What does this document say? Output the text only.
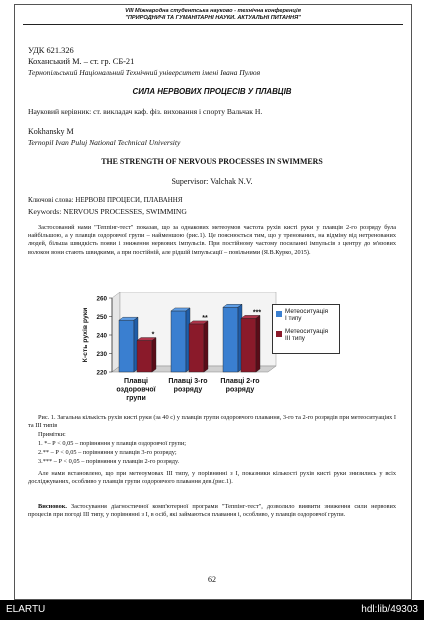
VIII Міжнародна студентська науково - технічна конференція
"ПРИРОДНИЧІ ТА ГУМАНІТАРНІ НАУКИ. АКТУАЛЬНІ ПИТАННЯ"
УДК 621.326
Коханський М. – ст. гр. СБ-21
Тернопільський Національний Технічний університет імені Івана Пулюя
СИЛА НЕРВОВИХ ПРОЦЕСІВ У ПЛАВЦІВ
Науковий керівник: ст. викладач каф. фіз. виховання і спорту Вальчак Н.
Kokhansky M
Ternopil Ivan Puluj National Technical University
THE STRENGTH OF NERVOUS PROCESSES IN SWIMMERS
Supervisor: Valchak N.V.
Ключові слова: НЕРВОВІ ПРОЦЕСИ, ПЛАВАННЯ
Keywords: NERVOUS PROCESSES, SWIMMING
Застосований нами "Теппінг-тест" показав, що за однакових метеоумов частота рухів кисті руки у плавців 2-го розряду була найбільшою, а у плавців оздоровчої групи – найменшою (рис.1). Це пояснюється тим, що у тренованих, на відміну від нетренованих людей, більша швидкість появи і зниження нервових імпульсів. При постійному частому посиланні імпульсів з центру до м'язових волокон вони стають швидкими, а при постійній, але рідшій імпульсації – повільними (Я.В.Курко, 2015).
220
230
240
250
260
К-сть рухів руки	*
Плавці
оздоровчої
групи
**
Плавці 3-го
розряду
***
Плавці 2-го
розряду
Метеоситуація
І типу
Метеоситуація
ІІІ типу
Рис. 1. Загальна кількість рухів кисті руки (за 40 с) у плавців групи оздоровчого плавання, 3-го та 2-го розрядів при метеоситуаціях І та ІІІ типів
Примітки:
1. *– Р < 0,05 – порівняння у плавців оздоровчої групи;
2.** – Р < 0,05 – порівняння у плавців 3-го розряду;
3.*** – Р < 0,05 – порівняння у плавців 2-го розряду.
Але нами встановлено, що при метеоумовах ІІІ типу, у порівнянні з І, показники кількості рухів кисті руки знизились у всіх досліджуваних, особливо у плавців групи оздоровчого плавання дев.(рис.1).
Висновок. Застосування діагностичної комп'ютерної програми "Теппінг-тест", дозволило виявити зниження сили нервових процесів при погоді ІІІ типу, у порівнянні з І, в осіб, які займаються плавання і, особливо, у плавців оздоровчої групи.
62
ELARTU	hdl:lib/49303
